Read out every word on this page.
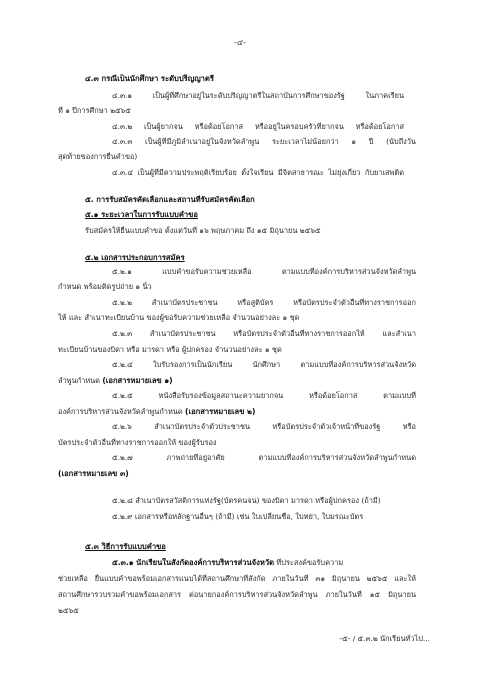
-๔-
๔.๓ กรณีเป็นนักศึกษา ระดับปริญญาตรี
๔.๓.๑ เป็นผู้ที่ศึกษาอยู่ในระดับปริญญาตรีในสถาบันการศึกษาของรัฐ ในภาคเรียน
ที่ ๑ ปีการศึกษา ๒๕๖๕
๔.๓.๒ เป็นผู้ยากจน หรือด้อยโอกาส หรืออยู่ในครอบครัวที่ยากจน หรือด้อยโอกาส
๔.๓.๓ เป็นผู้ที่มีภูมิลำเนาอยู่ในจังหวัดลำพูน ระยะเวลาไม่น้อยกว่า ๑ ปี (นับถึงวัน
สุดท้ายของการยื่นคำขอ)
๔.๓.๔ เป็นผู้ที่มีความประพฤติเรียบร้อย ตั้งใจเรียน มีจิตสาธารณะ ไม่ยุ่งเกี่ยว กับยาเสพติด
๕. การรับสมัครคัดเลือกและสถานที่รับสมัครคัดเลือก
๕.๑ ระยะเวลาในการรับแบบคำขอ
รับสมัครให้ยื่นแบบคำขอ ตั้งแต่วันที่ ๑๖ พฤษภาคม ถึง ๑๕ มิถุนายน ๒๕๖๕
๕.๒ เอกสารประกอบการสมัคร
๕.๒.๑ แบบคำขอรับความช่วยเหลือ ตามแบบที่องค์การบริหารส่วนจังหวัดลำพูน
กำหนด พร้อมติดรูปถ่าย ๑ นิ้ว
๕.๒.๒ สำเนาบัตรประชาชน หรือสูติบัตร หรือบัตรประจำตัวอื่นที่ทางราชการออก
ให้ และ สำเนาทะเบียนบ้าน ของผู้ขอรับความช่วยเหลือ จำนวนอย่างละ ๑ ชุด
๕.๒.๓ สำเนาบัตรประชาชน หรือบัตรประจำตัวอื่นที่ทางราชการออกให้ และสำเนา
ทะเบียนบ้านของบิดา หรือ มารดา หรือ ผู้ปกครอง จำนวนอย่างละ ๑ ชุด
๕.๒.๔ ใบรับรองการเป็นนักเรียน นักศึกษา ตามแบบที่องค์การบริหารส่วนจังหวัด
ลำพูนกำหนด (เอกสารหมายเลข ๑)
๕.๒.๕ หนังสือรับรองข้อมูลสถานะความยากจน หรือด้อยโอกาส ตามแบบที่
องค์การบริหารส่วนจังหวัดลำพูนกำหนด (เอกสารหมายเลข ๒)
๕.๒.๖ สำเนาบัตรประจำตัวประชาชน หรือบัตรประจำตัวเจ้าหน้าที่ของรัฐ หรือ
บัตรประจำตัวอื่นที่ทางราชการออกให้ ของผู้รับรอง
๕.๒.๗ ภาพถ่ายที่อยู่อาศัย ตามแบบที่องค์การบริหารส่วนจังหวัดลำพูนกำหนด
(เอกสารหมายเลข ๓)
๕.๒.๘ สำเนาบัตรสวัสดิการแห่งรัฐ(บัตรคนจน) ของบิดา มารดา หรือผู้ปกครอง (ถ้ามี)
๕.๒.๙ เอกสารหรือหลักฐานอื่นๆ (ถ้ามี) เช่น ใบเปลี่ยนชื่อ, ใบหย่า, ใบมรณะบัตร
๕.๓ วิธีการรับแบบคำขอ
๕.๓.๑ นักเรียนในสังกัดองค์การบริหารส่วนจังหวัด ที่ประสงค์ขอรับความ
ช่วยเหลือ ยื่นแบบคำขอพร้อมเอกสารแนบได้ที่สถานศึกษาที่สังกัด ภายในวันที่ ๓๑ มิถุนายน ๒๕๖๕ และให้
สถานศึกษารวบรวมคำขอพร้อมเอกสาร ต่อนายกองค์การบริหารส่วนจังหวัดลำพูน ภายในวันที่ ๑๕ มิถุนายน
๒๕๖๕
-๕- / ๕.๓.๒ นักเรียนทั่วไป...
